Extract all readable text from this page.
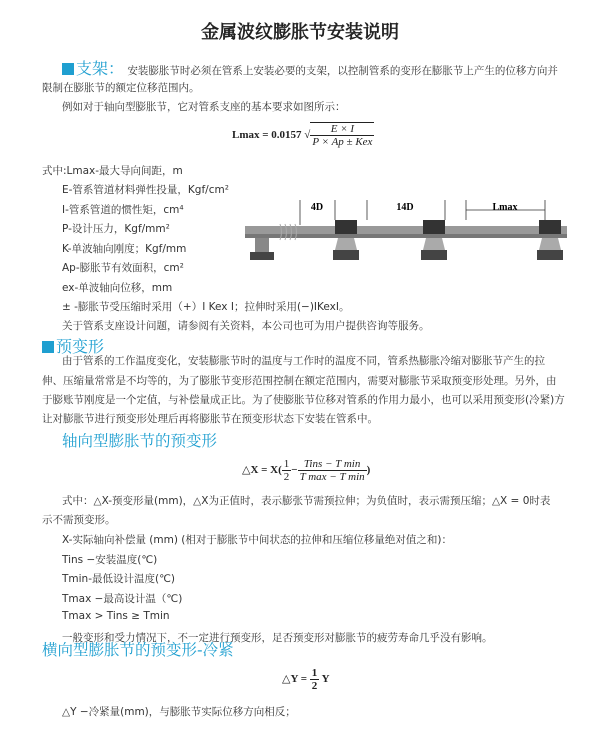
金属波纹膨胀节安装说明
支架： 安装膨胀节时必须在管系上安装必要的支架，以控制管系的变形在膨胀节上产生的位移方向并
限制在膨胀节的额定位移范围内。
例如对于轴向型膨胀节，它对管系支座的基本要求如图所示：
Lmax = 0.0157 √ $\frac{E \times I}{\text{P × Ap ± Kex}}$
式中:Lmax-最大导向间距，m
E-管系管道材料弹性投量，Kgf/cm²
I-管系管道的惯性矩，cm⁴
P-设计压力，Kgf/mm²
K-单波轴向刚度；Kgf/mm
Ap-膨胀节有效面积，cm²
ex-单波轴向位移，mm
± -膨胀节受压缩时采用（+）I Kex I；拉伸时采用(−)IKexI。
关于管系支座设计问题，请参阅有关资料，本公司也可为用户提供咨询等服务。
4D	14D	Lmax
预变形
由于管系的工作温度变化，安装膨胀节时的温度与工作时的温度不同，管系热膨胀冷缩对膨胀节产生的拉
伸、压缩量常常是不均等的，为了膨胀节变形范围控制在额定范围内，需要对膨胀节采取预变形处理。另外，由
于膨账节刚度是一个定值，与补偿量成正比。为了使膨胀节位移对管系的作用力最小，也可以采用预变形(冷紧)方
让对膨胀节进行预变形处理后再将膨胀节在预变形状态下安装在管系中。
轴向型膨胀节的预变形
△X = $X( \frac{1}{2} - \frac{\text{Tins − T min}}{\text{T max − T min}}$ )
式中：△X-预变形量(mm)，△X为正值时，表示膨张节需预拉伸；为负值时，表示需预压缩；△X = 0时表
示不需预变形。
X-实际轴向补偿量 (mm) (相对于膨胀节中间状态的拉伸和压缩位移量绝对值之和)：
Tins −安装温度(℃)
Tmin-最低设计温度(℃)
Tmax −最高设计温（℃)
Tmax > Tins ≥ Tmin
一般变形和受力情况下，不一定进行预变形，足否预变形对膨胀节的疲劳寿命几乎没有影响。
横向型膨胀节的预变形-冷紧
△Y = $\frac{1}{2}$ Y
△Y −冷紧量(mm)，与膨胀节实际位移方向相反；
